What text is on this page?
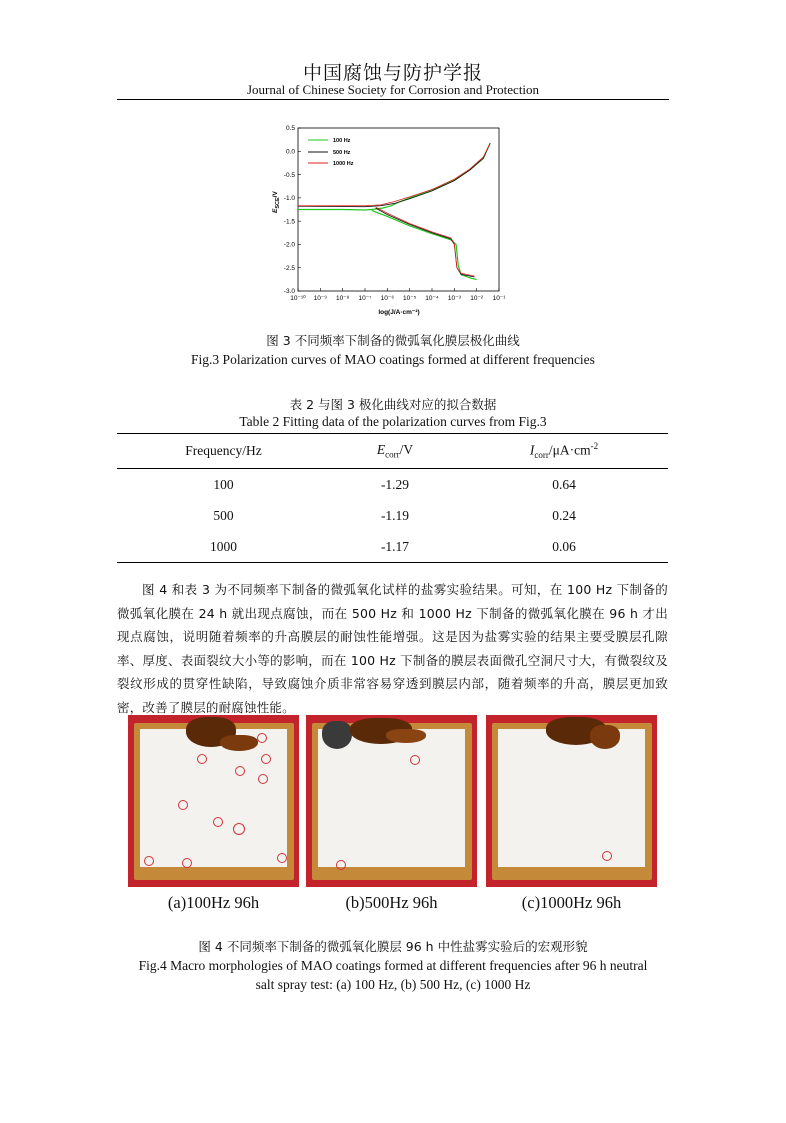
中国腐蚀与防护学报
Journal of Chinese Society for Corrosion and Protection
0.5
0.0
-0.5
-1.0
-1.5
-2.0
-2.5
-3.0
10⁻¹⁰ 10⁻⁹ 10⁻⁸ 10⁻⁷ 10⁻⁶ 10⁻⁵ 10⁻⁴ 10⁻³ 10⁻² 10⁻¹
100 Hz
500 Hz
1000 Hz
$E_{SCE}/V$
log(J/A·cm⁻²)
图 3 不同频率下制备的微弧氧化膜层极化曲线
Fig.3 Polarization curves of MAO coatings formed at different frequencies
表 2 与图 3 极化曲线对应的拟合数据
Table 2 Fitting data of the polarization curves from Fig.3
Frequency/Hz	$E_{corr}/V$	$I_{corr}/\mu A\cdot cm^{-2}$
100	-1.29	0.64
500	-1.19	0.24
1000	-1.17	0.06
图 4 和表 3 为不同频率下制备的微弧氧化试样的盐雾实验结果。可知，在 100 Hz 下制备的微弧氧化膜在 24 h 就出现点腐蚀，而在 500 Hz 和 1000 Hz 下制备的微弧氧化膜在 96 h 才出现点腐蚀，说明随着频率的升高膜层的耐蚀性能增强。这是因为盐雾实验的结果主要受膜层孔隙率、厚度、表面裂纹大小等的影响，而在 100 Hz 下制备的膜层表面微孔空洞尺寸大，有微裂纹及裂纹形成的贯穿性缺陷，导致腐蚀介质非常容易穿透到膜层内部，随着频率的升高，膜层更加致密，改善了膜层的耐腐蚀性能。
(a)100Hz 96h	(b)500Hz 96h	(c)1000Hz 96h
图 4 不同频率下制备的微弧氧化膜层 96 h 中性盐雾实验后的宏观形貌
Fig.4 Macro morphologies of MAO coatings formed at different frequencies after 96 h neutral
salt spray test: (a) 100 Hz, (b) 500 Hz, (c) 1000 Hz
